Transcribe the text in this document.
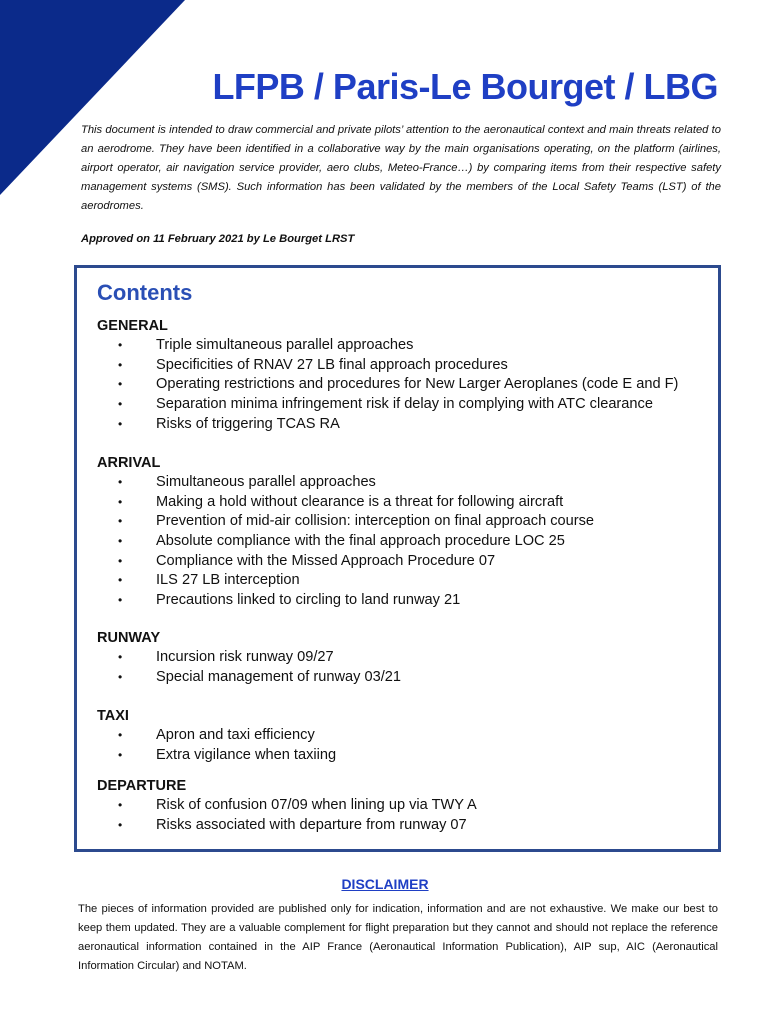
LFPB / Paris-Le Bourget / LBG
This document is intended to draw commercial and private pilots’ attention to the aeronautical context and main threats related to an aerodrome. They have been identified in a collaborative way by the main organisations operating, on the platform (airlines, airport operator, air navigation service provider, aero clubs, Meteo-France…) by comparing items from their respective safety management systems (SMS). Such information has been validated by the members of the Local Safety Teams (LST) of the aerodromes.
Approved on 11 February 2021 by Le Bourget LRST
Contents
GENERAL
• Triple simultaneous parallel approaches
• Specificities of RNAV 27 LB final approach procedures
• Operating restrictions and procedures for New Larger Aeroplanes (code E and F)
• Separation minima infringement risk if delay in complying with ATC clearance
• Risks of triggering TCAS RA
ARRIVAL
• Simultaneous parallel approaches
• Making a hold without clearance is a threat for following aircraft
• Prevention of mid-air collision: interception on final approach course
• Absolute compliance with the final approach procedure LOC 25
• Compliance with the Missed Approach Procedure 07
• ILS 27 LB interception
• Precautions linked to circling to land runway 21
RUNWAY
• Incursion risk runway 09/27
• Special management of runway 03/21
TAXI
• Apron and taxi efficiency
• Extra vigilance when taxiing
DEPARTURE
• Risk of confusion 07/09 when lining up via TWY A
• Risks associated with departure from runway 07
DISCLAIMER
The pieces of information provided are published only for indication, information and are not exhaustive. We make our best to keep them updated. They are a valuable complement for flight preparation but they cannot and should not replace the reference aeronautical information contained in the AIP France (Aeronautical Information Publication), AIP sup, AIC (Aeronautical Information Circular) and NOTAM.
